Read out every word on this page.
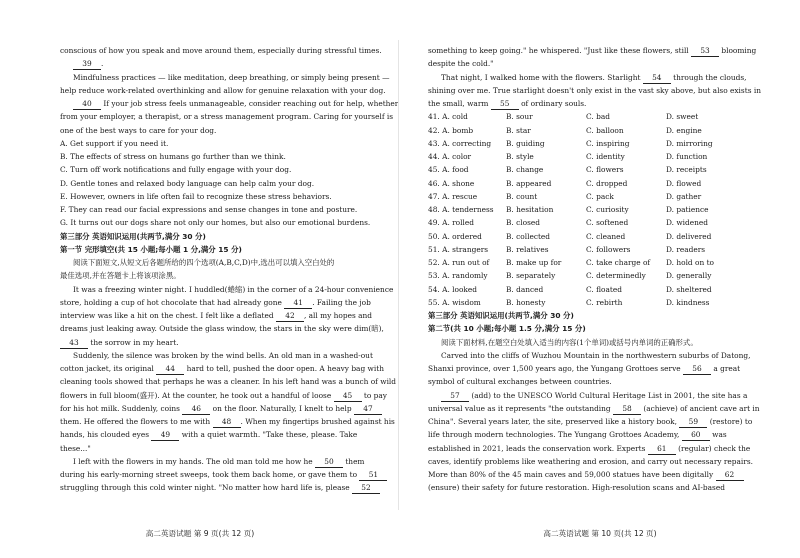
conscious of how you speak and move around them, especially during stressful times.
39 .
Mindfulness practices — like meditation, deep breathing, or simply being present —
help reduce work-related overthinking and allow for genuine relaxation with your dog.
40 If your job stress feels unmanageable, consider reaching out for help, whether
from your employer, a therapist, or a stress management program. Caring for yourself is
one of the best ways to care for your dog.
A. Get support if you need it.
B. The effects of stress on humans go further than we think.
C. Turn off work notifications and fully engage with your dog.
D. Gentle tones and relaxed body language can help calm your dog.
E. However, owners in life often fail to recognize these stress behaviors.
F. They can read our facial expressions and sense changes in tone and posture.
G. It turns out our dogs share not only our homes, but also our emotional burdens.
第三部分 英语知识运用(共两节,满分 30 分)
第一节 完形填空(共 15 小题;每小题 1 分,满分 15 分)
阅读下面短文,从短文后各题所给的四个选项(A,B,C,D)中,选出可以填入空白处的
最佳选项,并在答题卡上将该项涂黑。
It was a freezing winter night. I huddled(蜷缩) in the corner of a 24-hour convenience
store, holding a cup of hot chocolate that had already gone 41 . Failing the job
interview was like a hit on the chest. I felt like a deflated 42 , all my hopes and
dreams just leaking away. Outside the glass window, the stars in the sky were dim(暗),
43 the sorrow in my heart.
Suddenly, the silence was broken by the wind bells. An old man in a washed-out
cotton jacket, its original 44 hard to tell, pushed the door open. A heavy bag with
cleaning tools showed that perhaps he was a cleaner. In his left hand was a bunch of wild
flowers in full bloom(盛开). At the counter, he took out a handful of loose 45 to pay
for his hot milk. Suddenly, coins 46 on the floor. Naturally, I knelt to help 47
them. He offered the flowers to me with 48 . When my fingertips brushed against his
hands, his clouded eyes 49 with a quiet warmth. "Take these, please. Take
these..."
I left with the flowers in my hands. The old man told me how he 50 them
during his early-morning street sweeps, took them back home, or gave them to 51
struggling through this cold winter night. "No matter how hard life is, please 52
高二英语试题 第 9 页(共 12 页)
something to keep going." he whispered. "Just like these flowers, still 53 blooming
despite the cold."
That night, I walked home with the flowers. Starlight 54 through the clouds,
shining over me. True starlight doesn't only exist in the vast sky above, but also exists in
the small, warm 55 of ordinary souls.
41. A. cold	B. sour	C. bad	D. sweet
42. A. bomb	B. star	C. balloon	D. engine
43. A. correcting	B. guiding	C. inspiring	D. mirroring
44. A. color	B. style	C. identity	D. function
45. A. food	B. change	C. flowers	D. receipts
46. A. shone	B. appeared	C. dropped	D. flowed
47. A. rescue	B. count	C. pack	D. gather
48. A. tenderness	B. hesitation	C. curiosity	D. patience
49. A. rolled	B. closed	C. softened	D. widened
50. A. ordered	B. collected	C. cleaned	D. delivered
51. A. strangers	B. relatives	C. followers	D. readers
52. A. run out of	B. make up for	C. take charge of	D. hold on to
53. A. randomly	B. separately	C. determinedly	D. generally
54. A. looked	B. danced	C. floated	D. sheltered
55. A. wisdom	B. honesty	C. rebirth	D. kindness
第三部分 英语知识运用(共两节,满分 30 分)
第二节(共 10 小题;每小题 1.5 分,满分 15 分)
阅读下面材料,在题空白处填入适当的内容(1个单词)或括号内单词的正确形式。
Carved into the cliffs of Wuzhou Mountain in the northwestern suburbs of Datong,
Shanxi province, over 1,500 years ago, the Yungang Grottoes serve 56 a great
symbol of cultural exchanges between countries.
57 (add) to the UNESCO World Cultural Heritage List in 2001, the site has a
universal value as it represents "the outstanding 58 (achieve) of ancient cave art in
China". Several years later, the site, preserved like a history book, 59 (restore) to
life through modern technologies. The Yungang Grottoes Academy, 60 was
established in 2021, leads the conservation work. Experts 61 (regular) check the
caves, identify problems like weathering and erosion, and carry out necessary repairs.
More than 80% of the 45 main caves and 59,000 statues have been digitally 62 (ensure) their safety for future restoration. High-resolution scans and AI-based
高二英语试题 第 10 页(共 12 页)
